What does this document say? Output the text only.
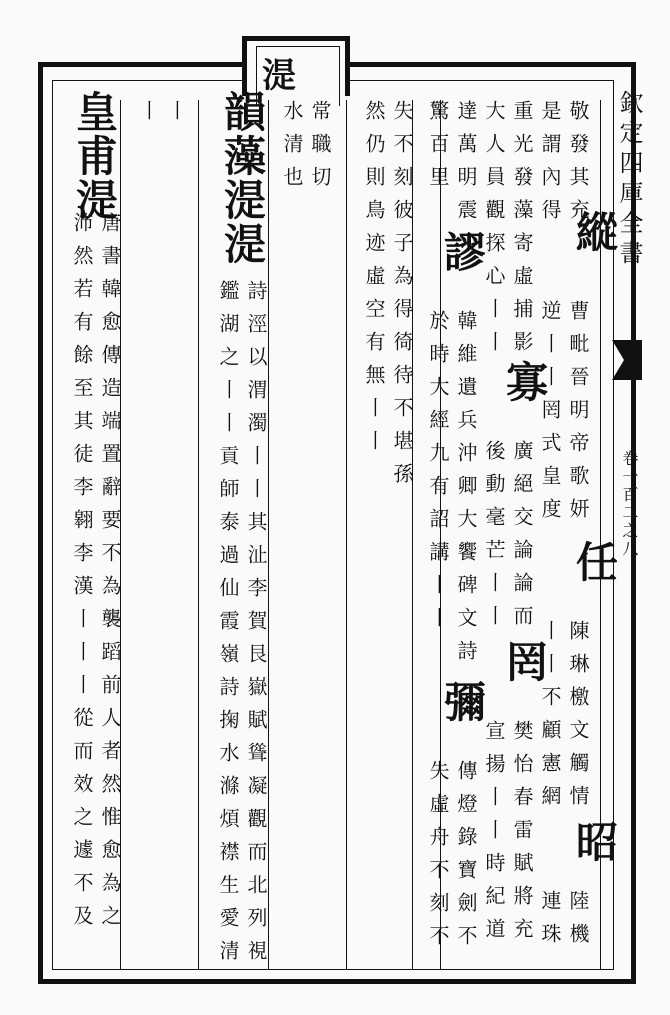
湜
欽定四庫全書
卷一百二之八
敬發其充
縱
是謂內得
曹毗晉明帝歌妍
逆丨丨罔式皇度
任
陳琳檄文觸情
丨丨不顧憲網
昭
陸機
連珠
重光發藻寄虛捕影
大人員觀探心丨丨
寡
廣絕交論論而
後動毫芒丨丨
罔
樊怡春雷賦將充
宣揚丨丨時紀道
達萬明震
驚百里
謬
韓維遺兵沖卿大饗碑文詩
於時大經九有詔講丨丨
彌
傳燈錄寶劍不
失虛舟不刻不
失不刻彼子為得徛待不堪孫
然仍則鳥迹虛空有無丨丨
常職切
水清也
韻藻湜湜
詩涇以渭濁丨丨其沚李賀艮嶽賦聳凝觀而北列視
鑑湖之丨丨貢師泰過仙霞嶺詩掬水滌煩襟生愛清
丨
丨
皇甫湜
唐書韓愈傳造端置辭要不為襲蹈前人者然惟愈為之
沛然若有餘至其徒李翱李漢丨丨丨從而效之遽不及
